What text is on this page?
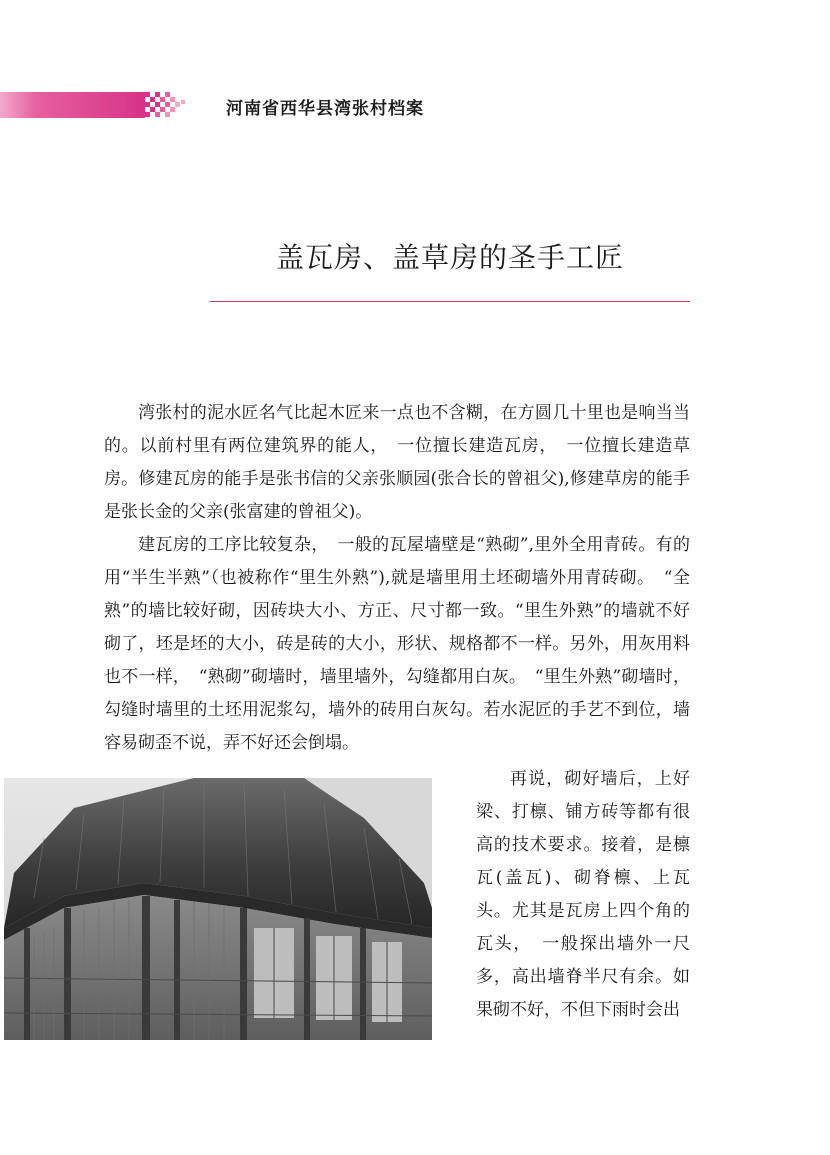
河南省西华县湾张村档案
盖瓦房、盖草房的圣手工匠

湾张村的泥水匠名气比起木匠来一点也不含糊，在方圆几十里也是响当当的。以前村里有两位建筑界的能人，　一位擅长建造瓦房，　一位擅长建造草房。修建瓦房的能手是张书信的父亲张顺园(张合长的曾祖父),修建草房的能手是张长金的父亲(张富建的曾祖父)。

建瓦房的工序比较复杂，　一般的瓦屋墙壁是“熟砌”,里外全用青砖。有的用“半生半熟”（也被称作“里生外熟”),就是墙里用土坯砌墙外用青砖砌。　“全熟”的墙比较好砌，因砖块大小、方正、尺寸都一致。“里生外熟”的墙就不好砌了，坯是坯的大小，砖是砖的大小，形状、规格都不一样。另外，用灰用料也不一样，　“熟砌”砌墙时，墙里墙外，勾缝都用白灰。　“里生外熟”砌墙时，勾缝时墙里的土坯用泥浆勾，墙外的砖用白灰勾。若水泥匠的手艺不到位，墙容易砌歪不说，弄不好还会倒塌。

再说，砌好墙后，上好梁、打檩、铺方砖等都有很高的技术要求。接着，是檩瓦(盖瓦)、砌脊檩、上瓦头。尤其是瓦房上四个角的瓦头，　一般探出墙外一尺多，高出墙脊半尺有余。如果砌不好，不但下雨时会出
